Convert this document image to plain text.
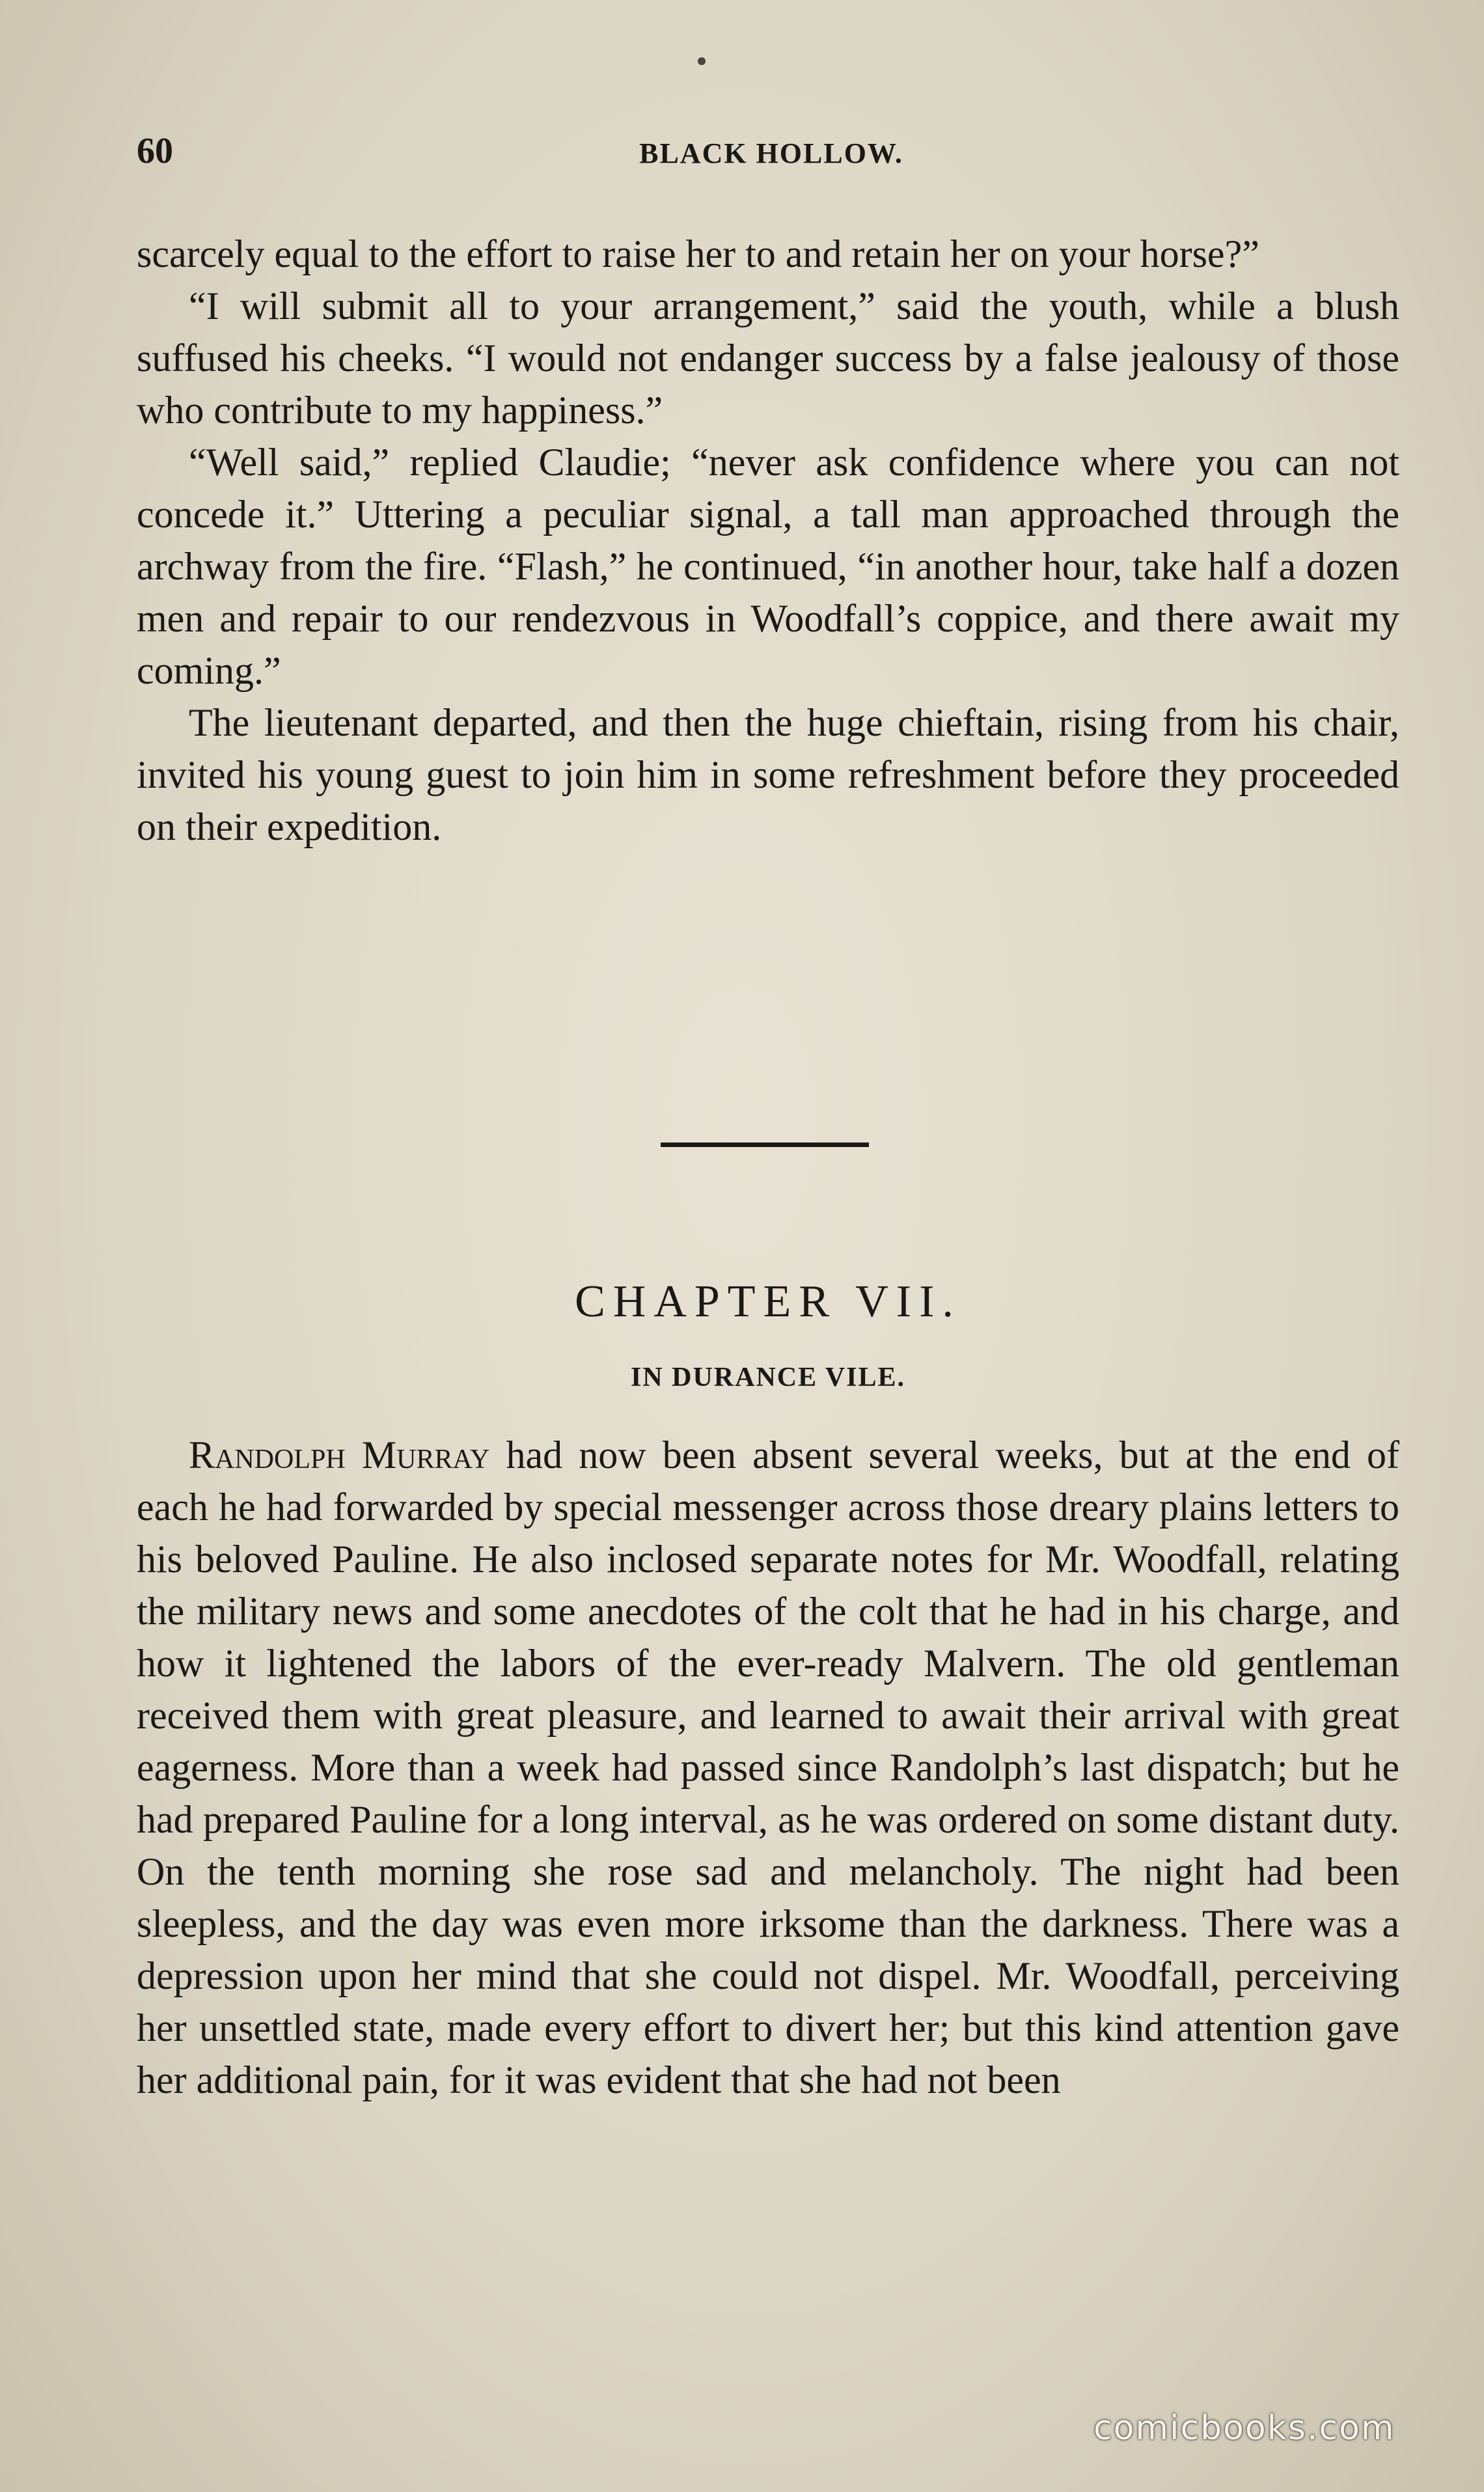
60	BLACK HOLLOW.

scarcely equal to the effort to raise her to and retain her on your horse?”

“I will submit all to your arrangement,” said the youth, while a blush suffused his cheeks. “I would not endanger success by a false jealousy of those who contribute to my happiness.”

“Well said,” replied Claudie; “never ask confidence where you can not concede it.” Uttering a peculiar signal, a tall man approached through the archway from the fire. “Flash,” he continued, “in another hour, take half a dozen men and repair to our rendezvous in Woodfall’s coppice, and there await my coming.”

The lieutenant departed, and then the huge chieftain, rising from his chair, invited his young guest to join him in some refreshment before they proceeded on their expedition.

CHAPTER VII.
IN DURANCE VILE.

Randolph Murray had now been absent several weeks, but at the end of each he had forwarded by special messenger across those dreary plains letters to his beloved Pauline. He also inclosed separate notes for Mr. Woodfall, relating the military news and some anecdotes of the colt that he had in his charge, and how it lightened the labors of the ever-ready Malvern. The old gentleman received them with great pleasure, and learned to await their arrival with great eagerness. More than a week had passed since Randolph’s last dispatch; but he had prepared Pauline for a long interval, as he was ordered on some distant duty. On the tenth morning she rose sad and melancholy. The night had been sleepless, and the day was even more irksome than the darkness. There was a depression upon her mind that she could not dispel. Mr. Woodfall, perceiving her unsettled state, made every effort to divert her; but this kind attention gave her additional pain, for it was evident that she had not been

comicbooks.com
